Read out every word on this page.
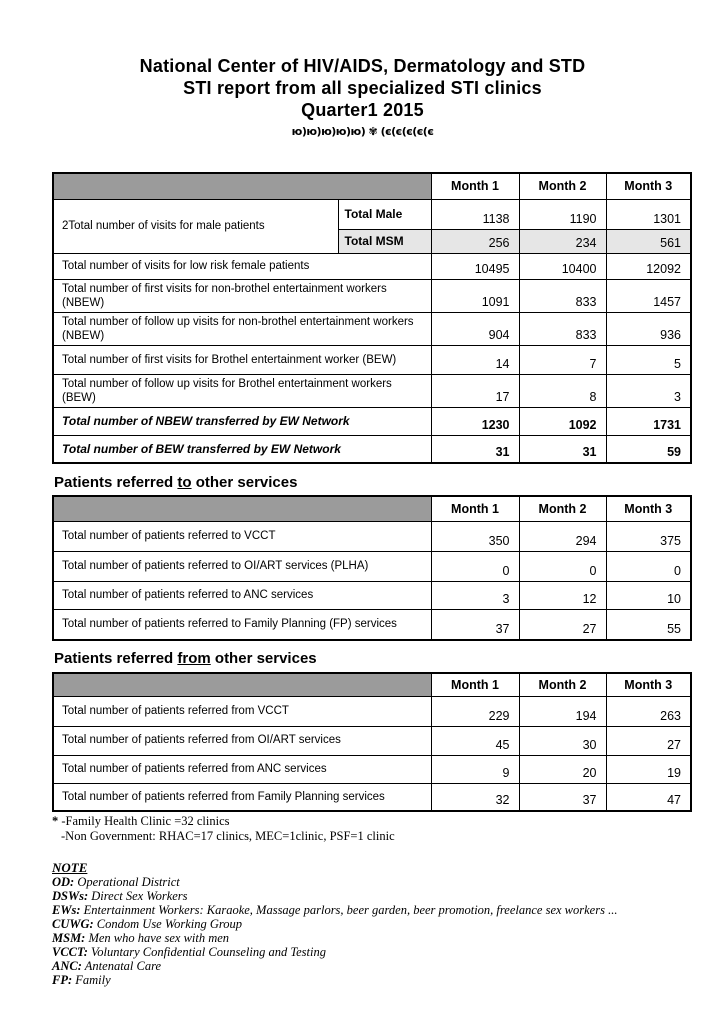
National Center of HIV/AIDS, Dermatology and STD
STI report from all specialized STI clinics
Quarter1 2015
ю)ю)ю)ю)ю) ✾ (є(є(є(є(є
		Month 1	Month 2	Month 3
2Total number of visits for male patients	Total Male	1138	1190	1301
	Total MSM	256	234	561
Total number of visits for low risk female patients		10495	10400	12092
Total number of first visits for non-brothel entertainment workers (NBEW)		1091	833	1457
Total number of follow up visits for non-brothel entertainment workers (NBEW)		904	833	936
Total number of first visits for Brothel entertainment worker (BEW)		14	7	5
Total number of follow up visits for Brothel entertainment workers (BEW)		17	8	3
Total number of NBEW transferred by EW Network		1230	1092	1731
Total number of BEW transferred by EW Network		31	31	59
Patients referred to other services
	Month 1	Month 2	Month 3
Total number of patients referred to VCCT	350	294	375
Total number of patients referred to OI/ART services (PLHA)	0	0	0
Total number of patients referred to ANC services	3	12	10
Total number of patients referred to Family Planning (FP) services	37	27	55
Patients referred from other services
	Month 1	Month 2	Month 3
Total number of patients referred from VCCT	229	194	263
Total number of patients referred from OI/ART services	45	30	27
Total number of patients referred from ANC services	9	20	19
Total number of patients referred from Family Planning services	32	37	47
* -Family Health Clinic =32 clinics
-Non Government: RHAC=17 clinics, MEC=1clinic, PSF=1 clinic
NOTE
OD: Operational District
DSWs: Direct Sex Workers
EWs: Entertainment Workers: Karaoke, Massage parlors, beer garden, beer promotion, freelance sex workers ...
CUWG: Condom Use Working Group
MSM: Men who have sex with men
VCCT: Voluntary Confidential Counseling and Testing
ANC: Antenatal Care
FP: Family
